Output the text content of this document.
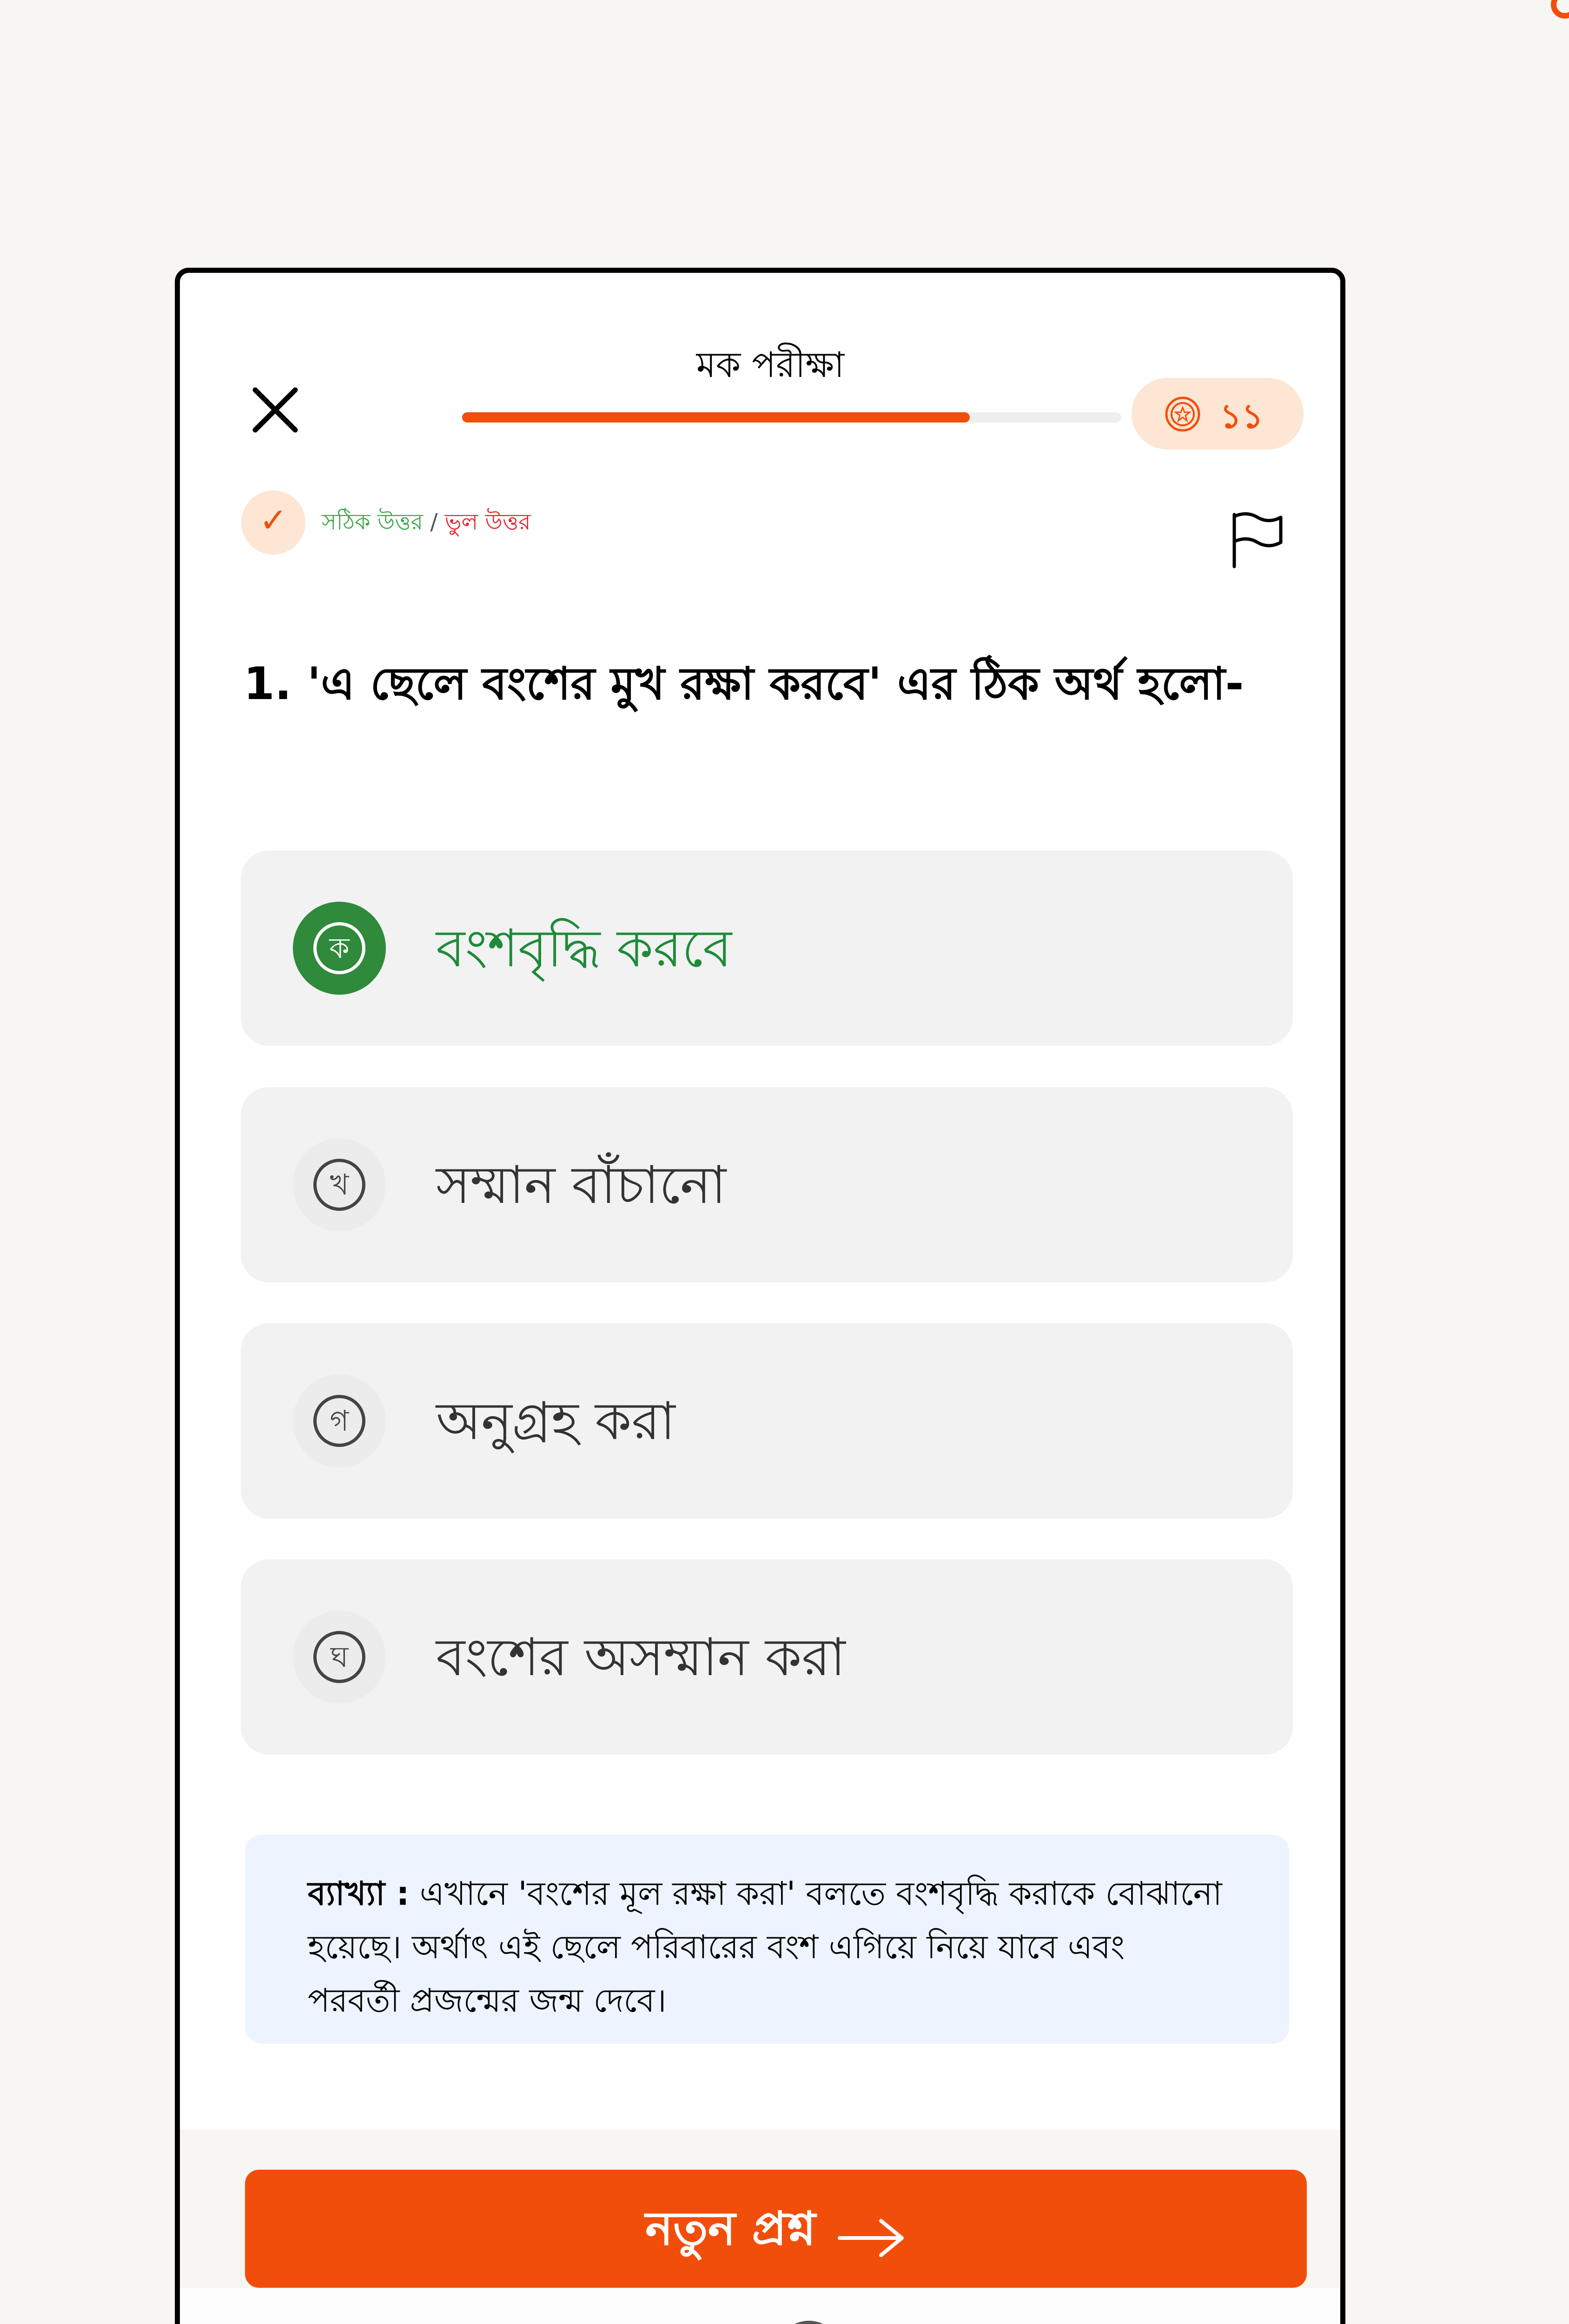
মক পরীক্ষা
১১
✓	সঠিক উত্তর / ভুল উত্তর
1. 'এ ছেলে বংশের মুখ রক্ষা করবে' এর ঠিক অর্থ হলো-
ক	বংশবৃদ্ধি করবে
খ	সম্মান বাঁচানো
গ	অনুগ্রহ করা
ঘ	বংশের অসম্মান করা

ব্যাখ্যা : এখানে 'বংশের মূল রক্ষা করা' বলতে বংশবৃদ্ধি করাকে বোঝানো হয়েছে। অর্থাৎ এই ছেলে পরিবারের বংশ এগিয়ে নিয়ে যাবে এবং পরবর্তী প্রজন্মের জন্ম দেবে।

নতুন প্রশ্ন
